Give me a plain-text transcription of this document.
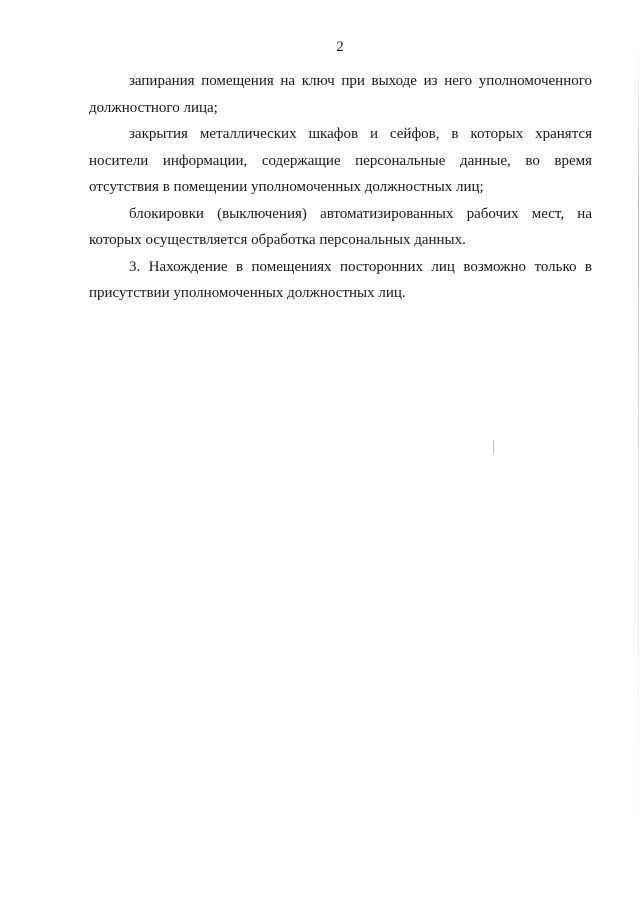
2

запирания помещения на ключ при выходе из него уполномоченного должностного лица;

закрытия металлических шкафов и сейфов, в которых хранятся носители информации, содержащие персональные данные, во время отсутствия в помещении уполномоченных должностных лиц;

блокировки (выключения) автоматизированных рабочих мест, на которых осуществляется обработка персональных данных.

3. Нахождение в помещениях посторонних лиц возможно только в присутствии уполномоченных должностных лиц.
